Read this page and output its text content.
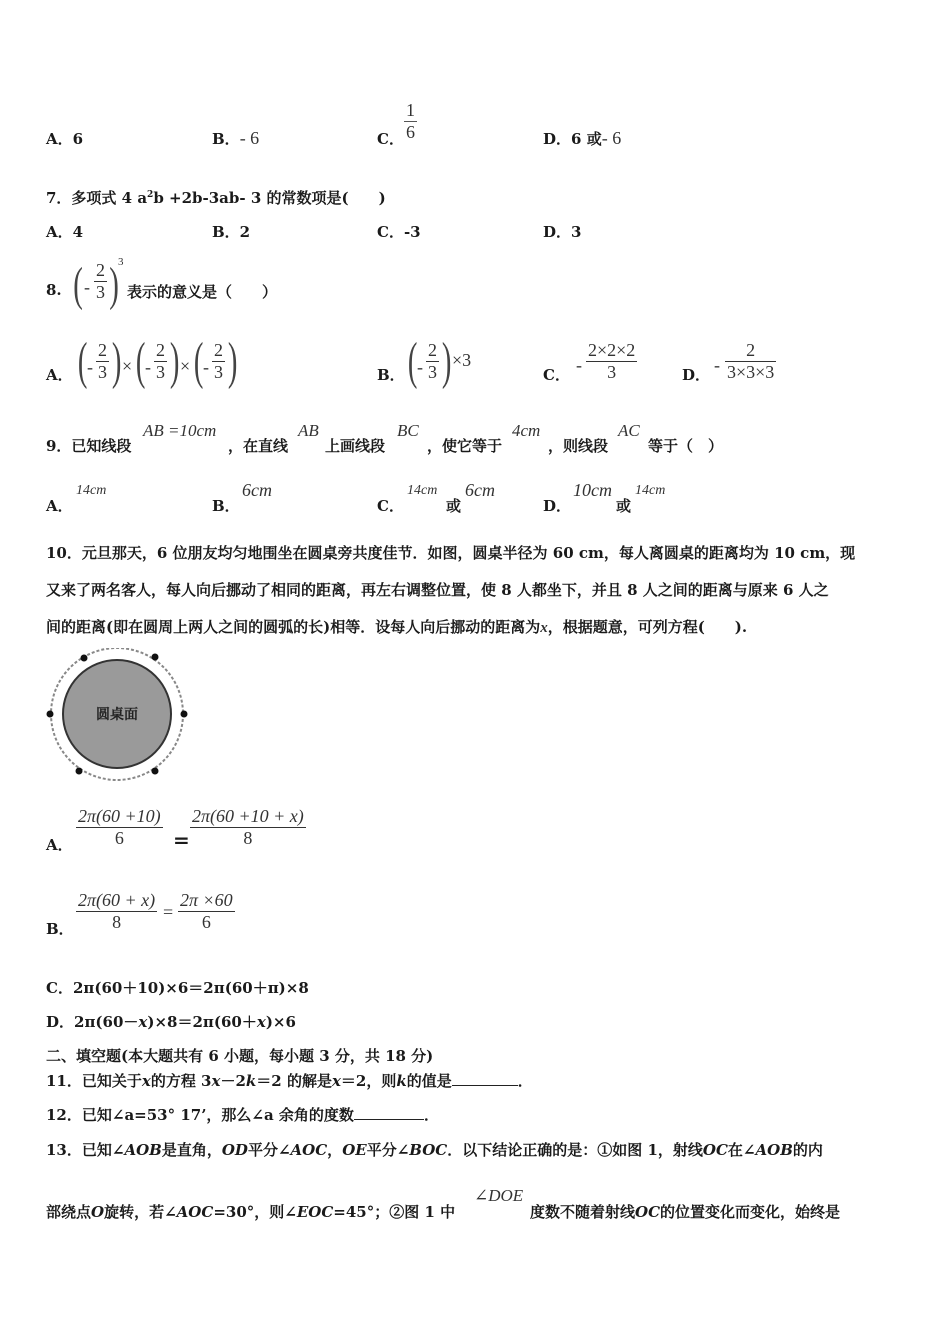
A．6	B．- 6	C． $\frac{1}{6}$	D．6 或- 6
7．多项式 4 $a^2b +2b-3ab-$ 3 的常数项是(　　)
A．4	B．2	C．-3	D．3
8. ( - $\frac{2}{3}$ ) 3
表示的意义是（　　）
A． ( - $\frac{2}{3}$ ) × ( - $\frac{2}{3}$ ) × ( - $\frac{2}{3}$ )	B． ( - $\frac{2}{3}$ ) ×3
C． - $\frac{2\times 2\times 2}{3}$	D． - $\frac{2}{3\times 3\times 3}$
9．已知线段
AB =10cm
，在直线
AB
上画线段
BC
，使它等于
4cm
，则线段
AC
等于（　）
A．
14cm
B．
6cm
C．
14cm
或
6cm
D．
10cm
或
14cm
10．元旦那天，6 位朋友均匀地围坐在圆桌旁共度佳节．如图，圆桌半径为 60 cm，每人离圆桌的距离均为 10 cm，现
又来了两名客人，每人向后挪动了相同的距离，再左右调整位置，使 8 人都坐下，并且 8 人之间的距离与原来 6 人之
间的距离(即在圆周上两人之间的圆弧的长)相等．设每人向后挪动的距离为x，根据题意，可列方程(　　).
圆桌面
A． $\frac{2\pi(60 +10)}{6} = \frac{2\pi(60 +10 + x)}{8}$
B． $\frac{2\pi(60 + x)}{8} = \frac{2\pi \times 60}{6}$
C．2π(60＋10)×6＝2π(60＋π)×8
D．2π(60－x)×8＝2π(60＋x)×6
二、填空题(本大题共有 6 小题，每小题 3 分，共 18 分)
11．已知关于x的方程 3x－2k＝2 的解是x＝2，则k的值是	．
12．已知∠a=53° 17’，那么∠a 余角的度数	．
13．已知∠AOB是直角，OD平分∠AOC，OE平分∠BOC．以下结论正确的是：①如图 1，射线OC在∠AOB的内
部绕点O旋转，若∠AOC=30°，则∠EOC=45°；②图 1 中
∠DOE
度数不随着射线OC的位置变化而变化，始终是
